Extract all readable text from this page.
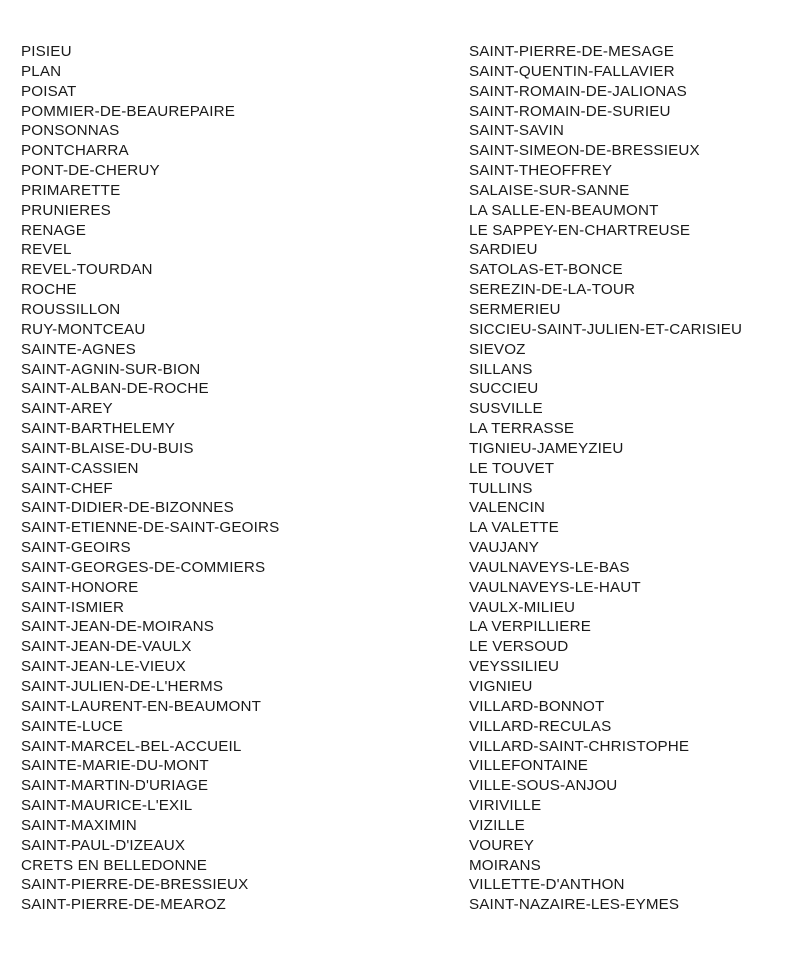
PISIEU
PLAN
POISAT
POMMIER-DE-BEAUREPAIRE
PONSONNAS
PONTCHARRA
PONT-DE-CHERUY
PRIMARETTE
PRUNIERES
RENAGE
REVEL
REVEL-TOURDAN
ROCHE
ROUSSILLON
RUY-MONTCEAU
SAINTE-AGNES
SAINT-AGNIN-SUR-BION
SAINT-ALBAN-DE-ROCHE
SAINT-AREY
SAINT-BARTHELEMY
SAINT-BLAISE-DU-BUIS
SAINT-CASSIEN
SAINT-CHEF
SAINT-DIDIER-DE-BIZONNES
SAINT-ETIENNE-DE-SAINT-GEOIRS
SAINT-GEOIRS
SAINT-GEORGES-DE-COMMIERS
SAINT-HONORE
SAINT-ISMIER
SAINT-JEAN-DE-MOIRANS
SAINT-JEAN-DE-VAULX
SAINT-JEAN-LE-VIEUX
SAINT-JULIEN-DE-L'HERMS
SAINT-LAURENT-EN-BEAUMONT
SAINTE-LUCE
SAINT-MARCEL-BEL-ACCUEIL
SAINTE-MARIE-DU-MONT
SAINT-MARTIN-D'URIAGE
SAINT-MAURICE-L'EXIL
SAINT-MAXIMIN
SAINT-PAUL-D'IZEAUX
CRETS EN BELLEDONNE
SAINT-PIERRE-DE-BRESSIEUX
SAINT-PIERRE-DE-MEAROZ
SAINT-PIERRE-DE-MESAGE
SAINT-QUENTIN-FALLAVIER
SAINT-ROMAIN-DE-JALIONAS
SAINT-ROMAIN-DE-SURIEU
SAINT-SAVIN
SAINT-SIMEON-DE-BRESSIEUX
SAINT-THEOFFREY
SALAISE-SUR-SANNE
LA SALLE-EN-BEAUMONT
LE SAPPEY-EN-CHARTREUSE
SARDIEU
SATOLAS-ET-BONCE
SEREZIN-DE-LA-TOUR
SERMERIEU
SICCIEU-SAINT-JULIEN-ET-CARISIEU
SIEVOZ
SILLANS
SUCCIEU
SUSVILLE
LA TERRASSE
TIGNIEU-JAMEYZIEU
LE TOUVET
TULLINS
VALENCIN
LA VALETTE
VAUJANY
VAULNAVEYS-LE-BAS
VAULNAVEYS-LE-HAUT
VAULX-MILIEU
LA VERPILLIERE
LE VERSOUD
VEYSSILIEU
VIGNIEU
VILLARD-BONNOT
VILLARD-RECULAS
VILLARD-SAINT-CHRISTOPHE
VILLEFONTAINE
VILLE-SOUS-ANJOU
VIRIVILLE
VIZILLE
VOUREY
MOIRANS
VILLETTE-D'ANTHON
SAINT-NAZAIRE-LES-EYMES
